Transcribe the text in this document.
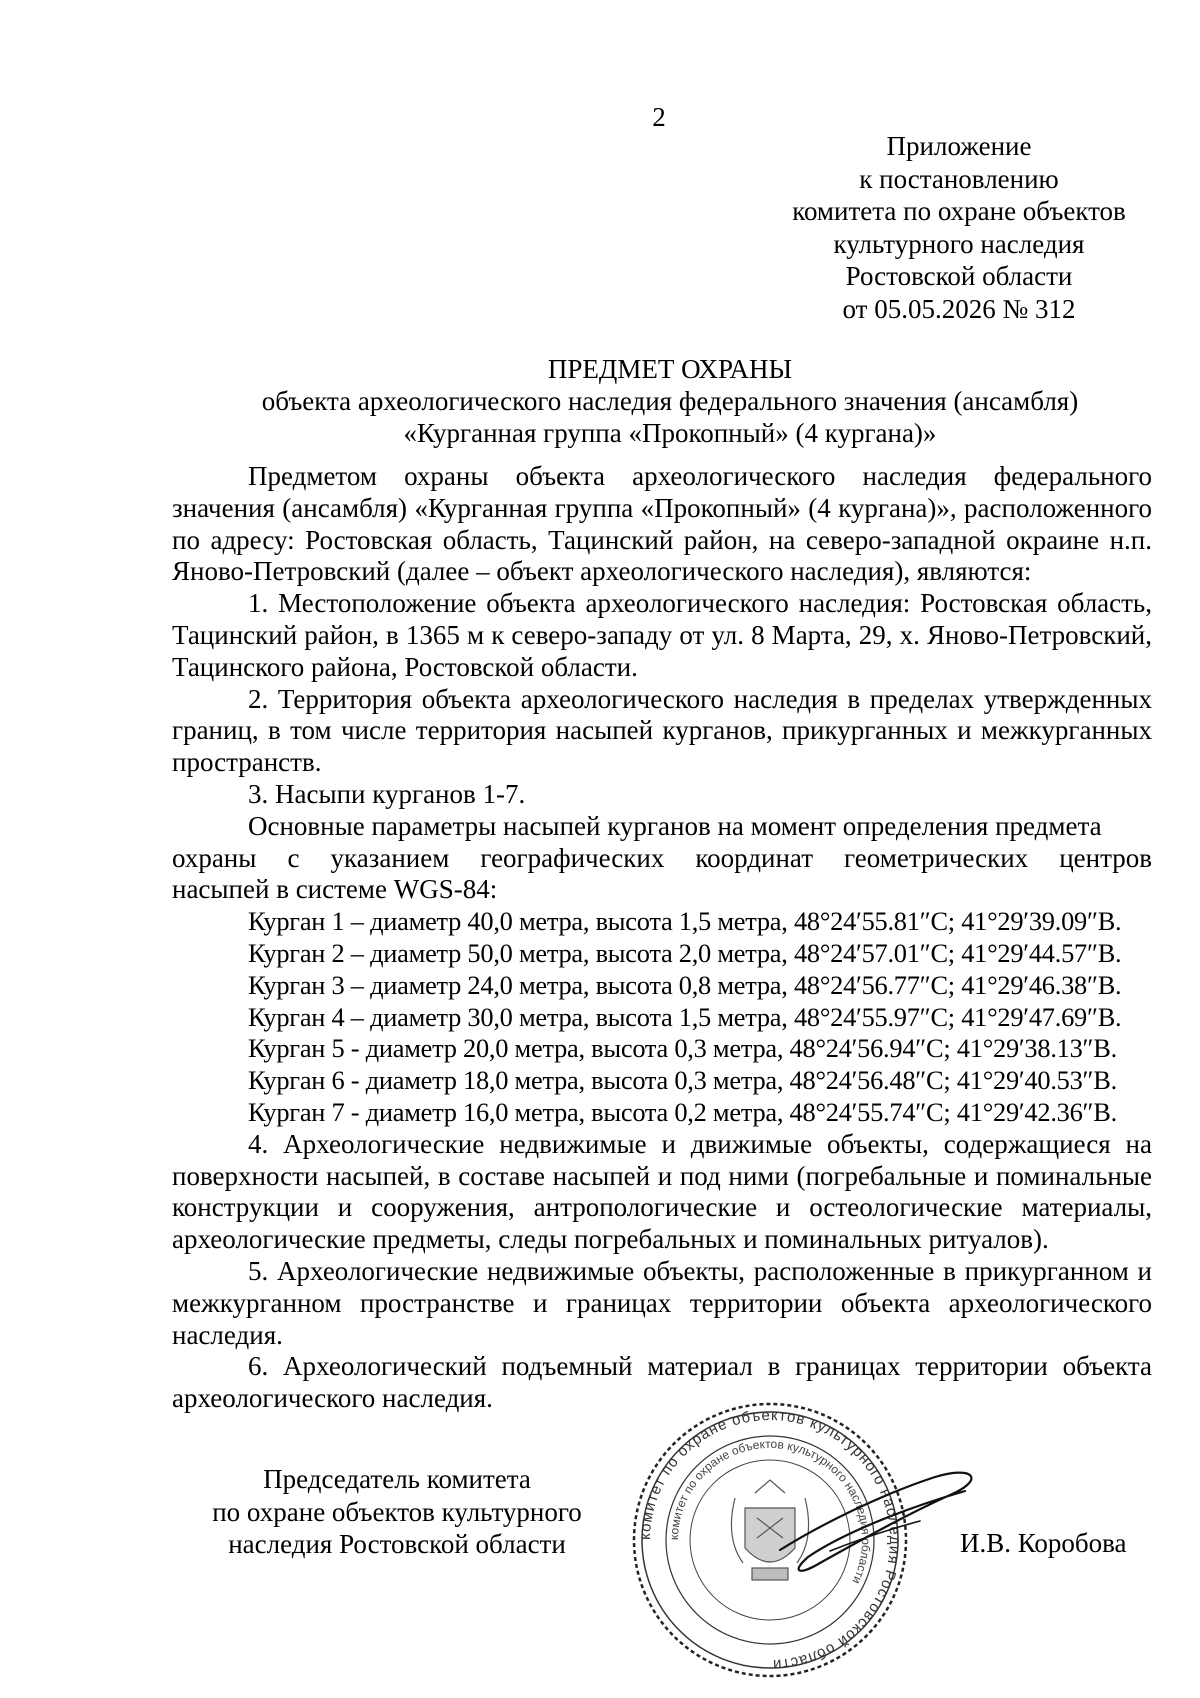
2
Приложение
к постановлению
комитета по охране объектов
культурного наследия
Ростовской области
от 05.05.2026 № 312
ПРЕДМЕТ ОХРАНЫ
объекта археологического наследия федерального значения (ансамбля)
«Курганная группа «Прокопный» (4 кургана)»

Предметом охраны объекта археологического наследия федерального значения (ансамбля) «Курганная группа «Прокопный» (4 кургана)», расположенного по адресу: Ростовская область, Тацинский район, на северо-западной окраине н.п. Яново-Петровский (далее – объект археологического наследия), являются:

1. Местоположение объекта археологического наследия: Ростовская область, Тацинский район, в 1365 м к северо-западу от ул. 8 Марта, 29, х. Яново-Петровский, Тацинского района, Ростовской области.

2. Территория объекта археологического наследия в пределах утвержденных границ, в том числе территория насыпей курганов, прикурганных и межкурганных пространств.

3. Насыпи курганов 1-7.

Основные параметры насыпей курганов на момент определения предмета
охраны с указанием географических координат геометрических центров
насыпей в системе WGS-84:
Курган 1 – диаметр 40,0 метра, высота 1,5 метра, 48°24′55.81″С; 41°29′39.09″В.
Курган 2 – диаметр 50,0 метра, высота 2,0 метра, 48°24′57.01″С; 41°29′44.57″В.
Курган 3 – диаметр 24,0 метра, высота 0,8 метра, 48°24′56.77″С; 41°29′46.38″В.
Курган 4 – диаметр 30,0 метра, высота 1,5 метра, 48°24′55.97″С; 41°29′47.69″В.
Курган 5 - диаметр 20,0 метра, высота 0,3 метра, 48°24′56.94″С; 41°29′38.13″В.
Курган 6 - диаметр 18,0 метра, высота 0,3 метра, 48°24′56.48″С; 41°29′40.53″В.
Курган 7 - диаметр 16,0 метра, высота 0,2 метра, 48°24′55.74″С; 41°29′42.36″В.

4. Археологические недвижимые и движимые объекты, содержащиеся на поверхности насыпей, в составе насыпей и под ними (погребальные и поминальные конструкции и сооружения, антропологические и остеологические материалы, археологические предметы, следы погребальных и поминальных ритуалов).

5. Археологические недвижимые объекты, расположенные в прикурганном и межкурганном пространстве и границах территории объекта археологического наследия.

6. Археологический подъемный материал в границах территории объекта археологического наследия.

Председатель комитета
по охране объектов культурного
наследия Ростовской области	комитет по охране объектов культурного наследия Ростовской области
комитет по охране объектов культурного наследия области
И.В. Коробова
